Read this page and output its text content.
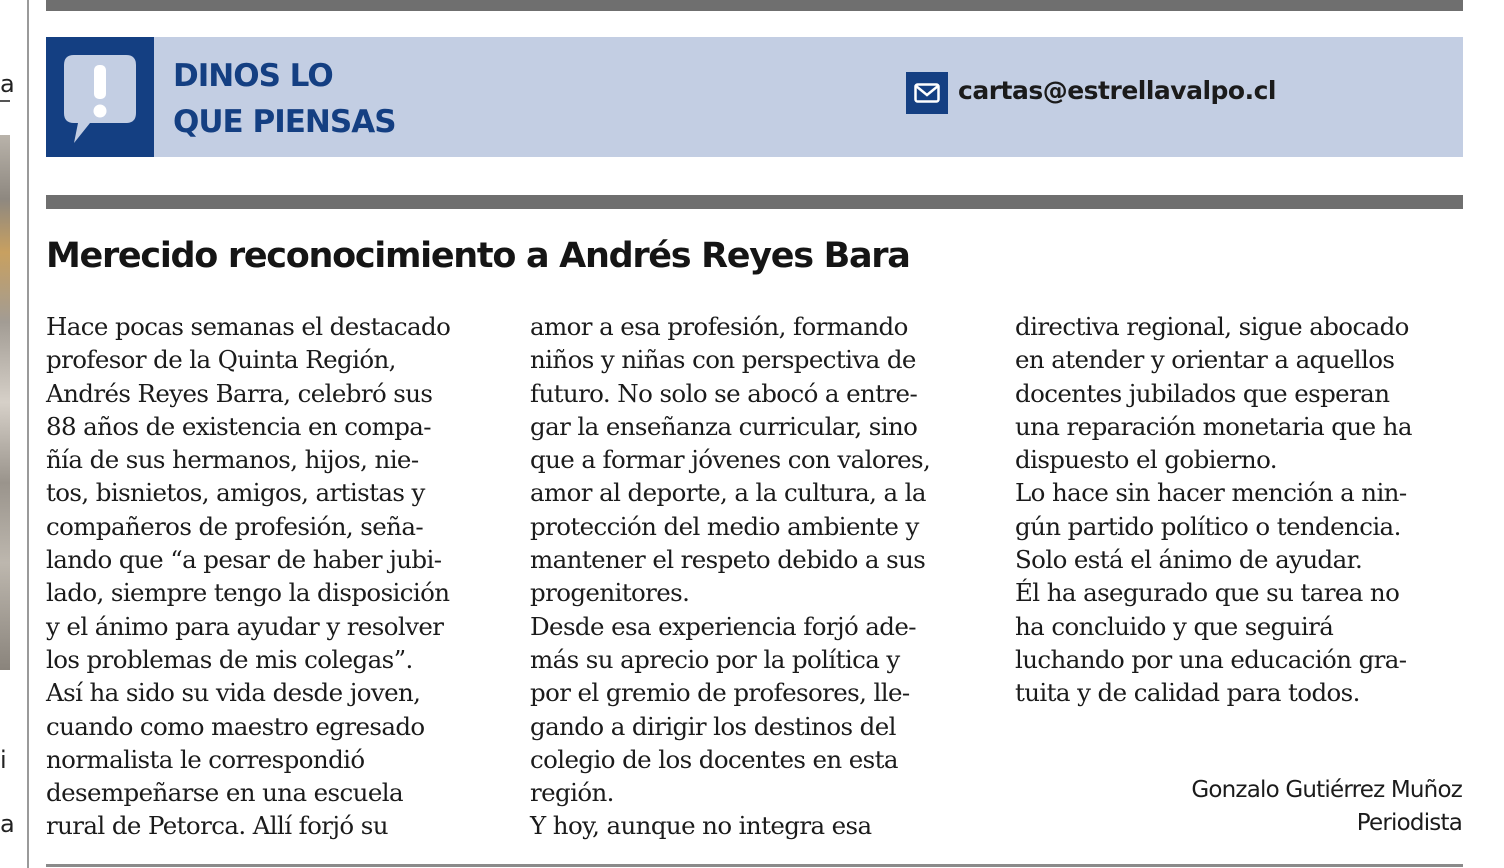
a
i
a
DINOS LO
QUE PIENSAS
cartas@estrellavalpo.cl
Merecido reconocimiento a Andrés Reyes Bara
Hace pocas semanas el destacado
profesor de la Quinta Región,
Andrés Reyes Barra, celebró sus
88 años de existencia en compa-
ñía de sus hermanos, hijos, nie-
tos, bisnietos, amigos, artistas y
compañeros de profesión, seña-
lando que “a pesar de haber jubi-
lado, siempre tengo la disposición
y el ánimo para ayudar y resolver
los problemas de mis colegas”.
Así ha sido su vida desde joven,
cuando como maestro egresado
normalista le correspondió
desempeñarse en una escuela
rural de Petorca. Allí forjó su
amor a esa profesión, formando
niños y niñas con perspectiva de
futuro. No solo se abocó a entre-
gar la enseñanza curricular, sino
que a formar jóvenes con valores,
amor al deporte, a la cultura, a la
protección del medio ambiente y
mantener el respeto debido a sus
progenitores.
Desde esa experiencia forjó ade-
más su aprecio por la política y
por el gremio de profesores, lle-
gando a dirigir los destinos del
colegio de los docentes en esta
región.
Y hoy, aunque no integra esa
directiva regional, sigue abocado
en atender y orientar a aquellos
docentes jubilados que esperan
una reparación monetaria que ha
dispuesto el gobierno.
Lo hace sin hacer mención a nin-
gún partido político o tendencia.
Solo está el ánimo de ayudar.
Él ha asegurado que su tarea no
ha concluido y que seguirá
luchando por una educación gra-
tuita y de calidad para todos.
Gonzalo Gutiérrez Muñoz
Periodista
